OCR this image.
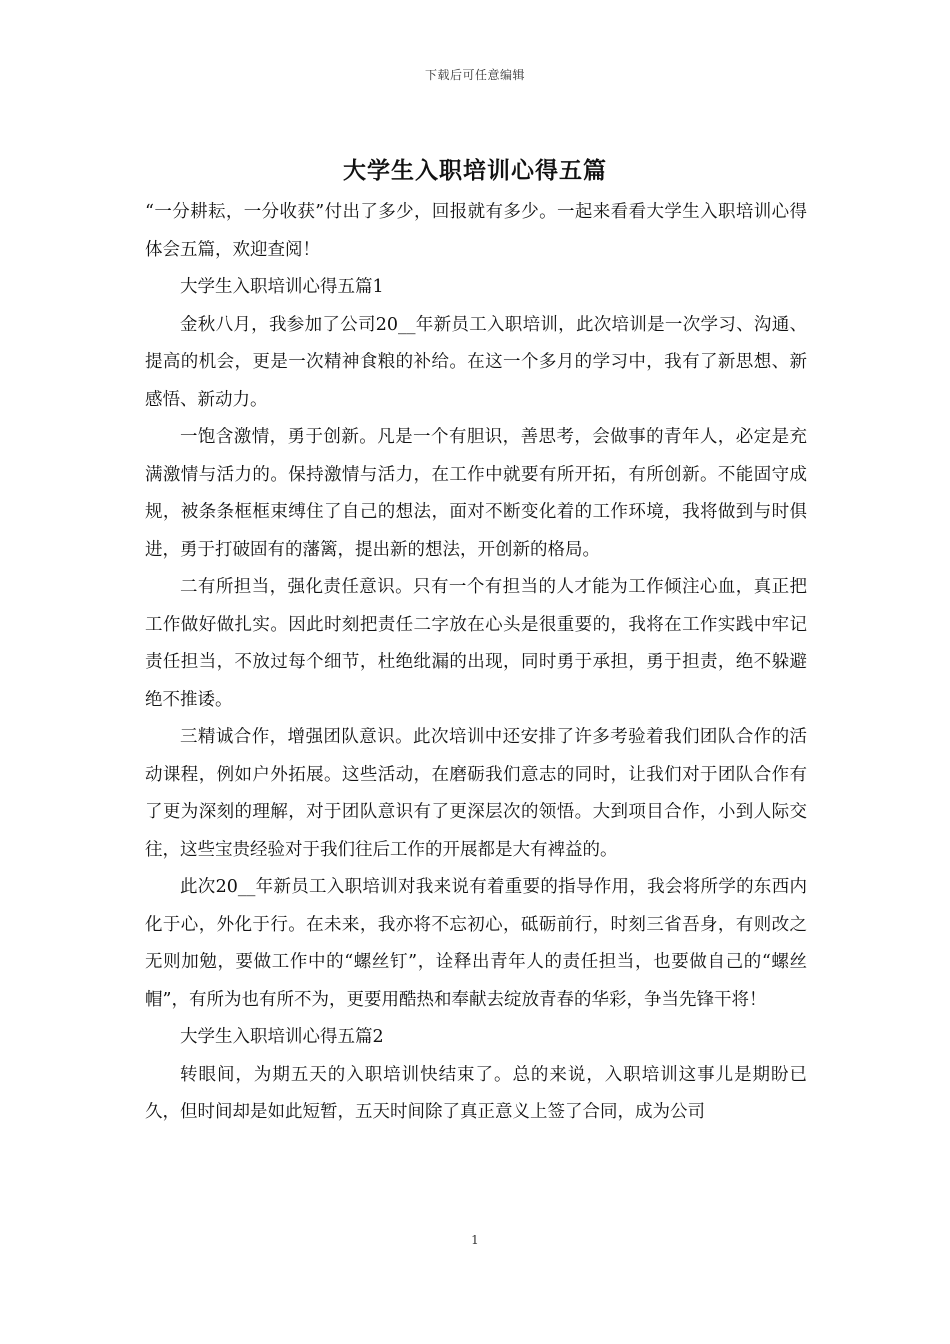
下载后可任意编辑
大学生入职培训心得五篇

“一分耕耘，一分收获”付出了多少，回报就有多少。一起来看看大学生入职培训心得体会五篇，欢迎查阅！

大学生入职培训心得五篇1

金秋八月，我参加了公司20__年新员工入职培训，此次培训是一次学习、沟通、提高的机会，更是一次精神食粮的补给。在这一个多月的学习中，我有了新思想、新感悟、新动力。

一饱含激情，勇于创新。凡是一个有胆识，善思考，会做事的青年人，必定是充满激情与活力的。保持激情与活力，在工作中就要有所开拓，有所创新。不能固守成规，被条条框框束缚住了自己的想法，面对不断变化着的工作环境，我将做到与时俱进，勇于打破固有的藩篱，提出新的想法，开创新的格局。

二有所担当，强化责任意识。只有一个有担当的人才能为工作倾注心血，真正把工作做好做扎实。因此时刻把责任二字放在心头是很重要的，我将在工作实践中牢记责任担当，不放过每个细节，杜绝纰漏的出现，同时勇于承担，勇于担责，绝不躲避绝不推诿。

三精诚合作，增强团队意识。此次培训中还安排了许多考验着我们团队合作的活动课程，例如户外拓展。这些活动，在磨砺我们意志的同时，让我们对于团队合作有了更为深刻的理解，对于团队意识有了更深层次的领悟。大到项目合作，小到人际交往，这些宝贵经验对于我们往后工作的开展都是大有裨益的。

此次20__年新员工入职培训对我来说有着重要的指导作用，我会将所学的东西内化于心，外化于行。在未来，我亦将不忘初心，砥砺前行，时刻三省吾身，有则改之无则加勉，要做工作中的“螺丝钉”，诠释出青年人的责任担当，也要做自己的“螺丝帽”，有所为也有所不为，更要用酷热和奉献去绽放青春的华彩，争当先锋干将！

大学生入职培训心得五篇2

转眼间，为期五天的入职培训快结束了。总的来说，入职培训这事儿是期盼已久，但时间却是如此短暂，五天时间除了真正意义上签了合同，成为公司

1
